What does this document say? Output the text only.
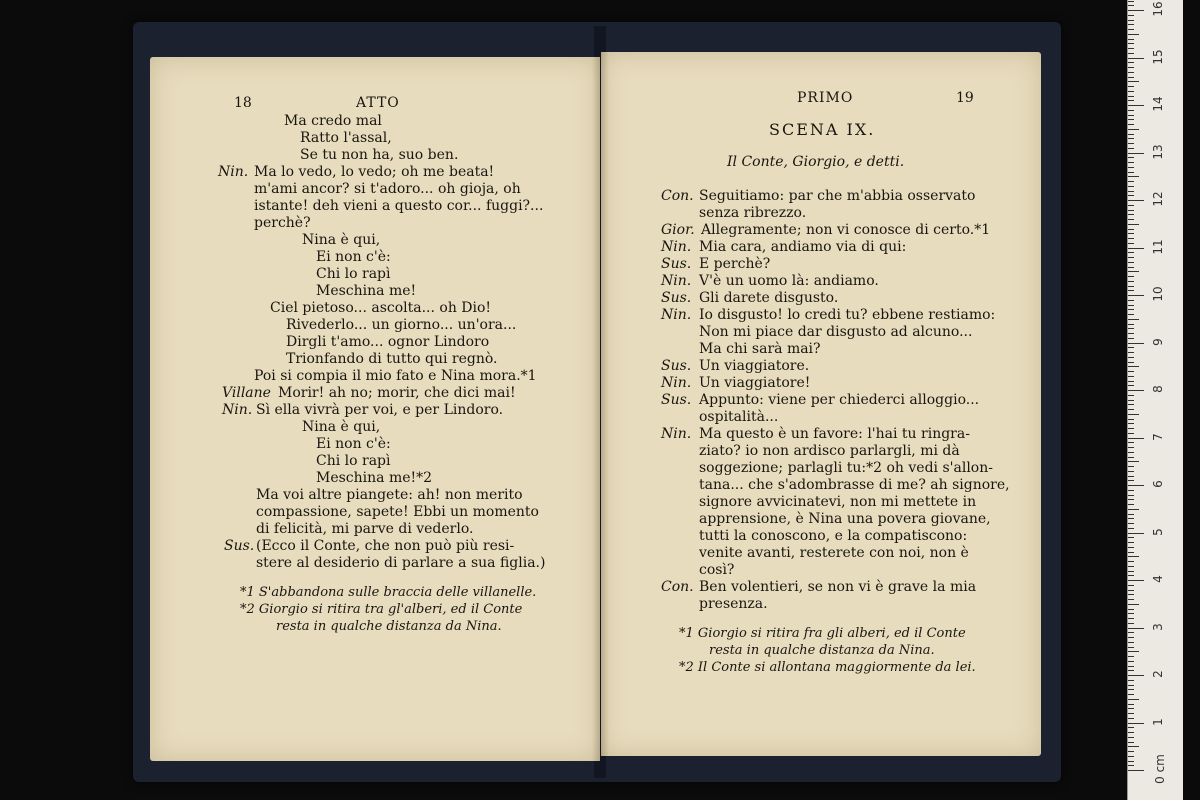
18	ATTO
Ma credo mal
Ratto l'assal,
Se tu non ha, suo ben.
Nin. Ma lo vedo, lo vedo; oh me beata!
m'ami ancor? si t'adoro... oh gioja, oh
istante! deh vieni a questo cor... fuggi?...
perchè?
Nina è qui,
Ei non c'è:
Chi lo rapì
Meschina me!
Ciel pietoso... ascolta... oh Dio!
Rivederlo... un giorno... un'ora...
Dirgli t'amo... ognor Lindoro
Trionfando di tutto qui regnò.
Poi si compia il mio fato e Nina mora.*1
Villane Morir! ah no; morir, che dici mai!
Nin. Sì ella vivrà per voi, e per Lindoro.
Nina è qui,
Ei non c'è:
Chi lo rapì
Meschina me!*2
Ma voi altre piangete: ah! non merito
compassione, sapete! Ebbi un momento
di felicità, mi parve di vederlo.
Sus. (Ecco il Conte, che non può più resi-
stere al desiderio di parlare a sua figlia.)
*1 S'abbandona sulle braccia delle villanelle.
*2 Giorgio si ritira tra gl'alberi, ed il Conte
resta in qualche distanza da Nina.
PRIMO	19
SCENA IX.
Il Conte, Giorgio, e detti.
Con. Seguitiamo: par che m'abbia osservato
senza ribrezzo.
Gior. Allegramente; non vi conosce di certo.*1
Nin. Mia cara, andiamo via di qui:
Sus. E perchè?
Nin. V'è un uomo là: andiamo.
Sus. Gli darete disgusto.
Nin. Io disgusto! lo credi tu? ebbene restiamo:
Non mi piace dar disgusto ad alcuno...
Ma chi sarà mai?
Sus. Un viaggiatore.
Nin. Un viaggiatore!
Sus. Appunto: viene per chiederci alloggio...
ospitalità...
Nin. Ma questo è un favore: l'hai tu ringra-
ziato? io non ardisco parlargli, mi dà
soggezione; parlagli tu:*2 oh vedi s'allon-
tana... che s'adombrasse di me? ah signore,
signore avvicinatevi, non mi mettete in
apprensione, è Nina una povera giovane,
tutti la conoscono, e la compatiscono:
venite avanti, resterete con noi, non è
così?
Con. Ben volentieri, se non vi è grave la mia
presenza.
*1 Giorgio si ritira fra gli alberi, ed il Conte
resta in qualche distanza da Nina.
*2 Il Conte si allontana maggiormente da lei.
0 cm
1
2
3
4
5
6
7
8
9
10
11
12
13
14
15
16
